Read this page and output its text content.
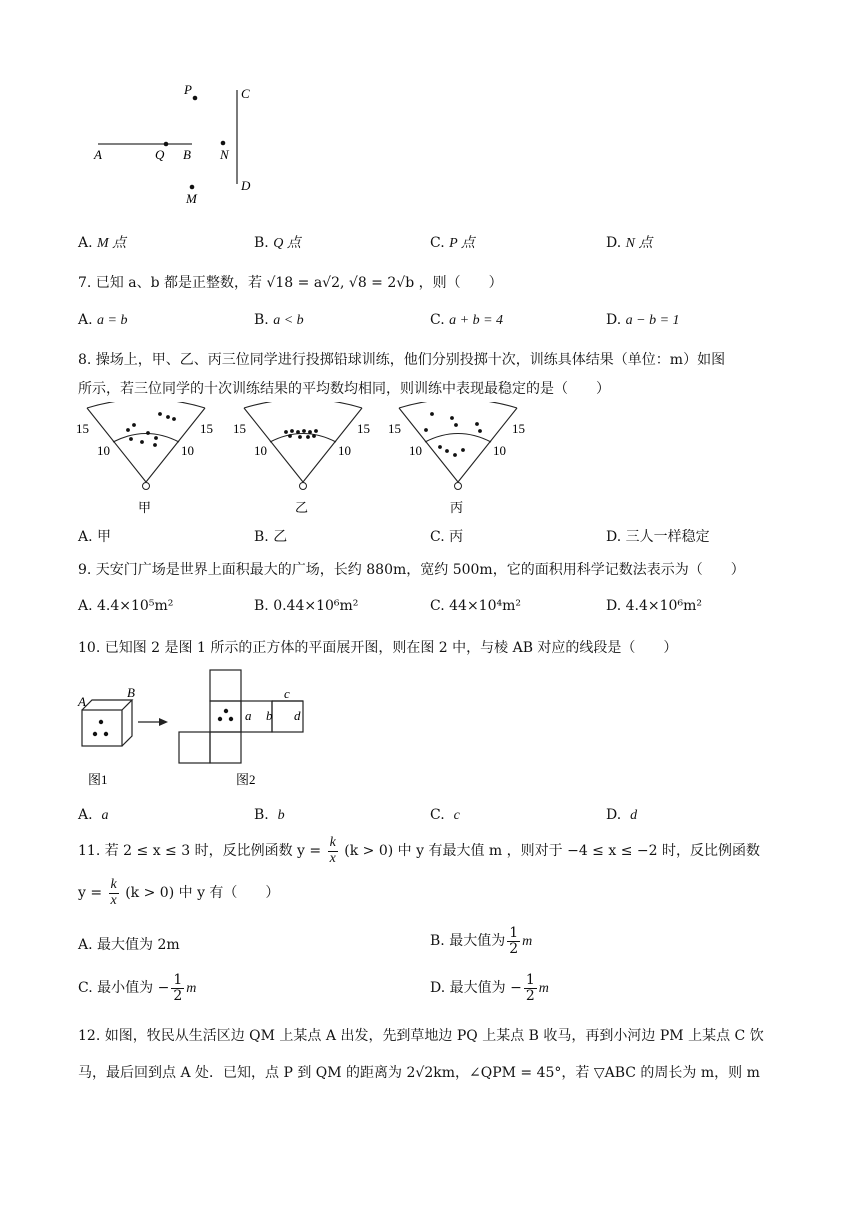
P	C
A	Q B N
M
D
A. M 点	B. Q 点	C. P 点	D. N 点
7. 已知 a、b 都是正整数，若 √18 = a√2, √8 = 2√b ，则（　　）
A. a = b	B. a < b	C. a + b = 4	D. a − b = 1
8. 操场上，甲、乙、丙三位同学进行投掷铅球训练，他们分别投掷十次，训练具体结果（单位：m）如图
所示，若三位同学的十次训练结果的平均数均相同，则训练中表现最稳定的是（　　）
15	15
10	10
甲
15	15
10	10
乙
15	15
10	10
丙
A. 甲	B. 乙	C. 丙	D. 三人一样稳定
9. 天安门广场是世界上面积最大的广场，长约 880m，宽约 500m，它的面积用科学记数法表示为（　　）
A. 4.4×10⁵m²	B. 0.44×10⁶m²	C. 44×10⁴m²	D. 4.4×10⁶m²
10. 已知图 2 是图 1 所示的正方体的平面展开图，则在图 2 中，与棱 AB 对应的线段是（　　）
A
B
a b
c
d
图1	图2
A. a	B. b	C. c	D. d
11. 若 2 ≤ x ≤ 3 时，反比例函数 $y = \frac{k}{x} (k > 0)$ 中 y 有最大值 m ，则对于 −4 ≤ x ≤ −2 时，反比例函数
$y = \frac{k}{x} (k > 0)$ 中 y 有（　　）
A. 最大值为 2m	B. 最大值为 $\frac{1}{2}$ m
C. 最小值为 − $\frac{1}{2}$ m	D. 最大值为 − $\frac{1}{2}$ m
12. 如图，牧民从生活区边 QM 上某点 A 出发，先到草地边 PQ 上某点 B 收马，再到小河边 PM 上某点 C 饮
马，最后回到点 A 处．已知，点 P 到 QM 的距离为 2√2km，∠QPM = 45°，若 ▽ABC 的周长为 m，则 m
